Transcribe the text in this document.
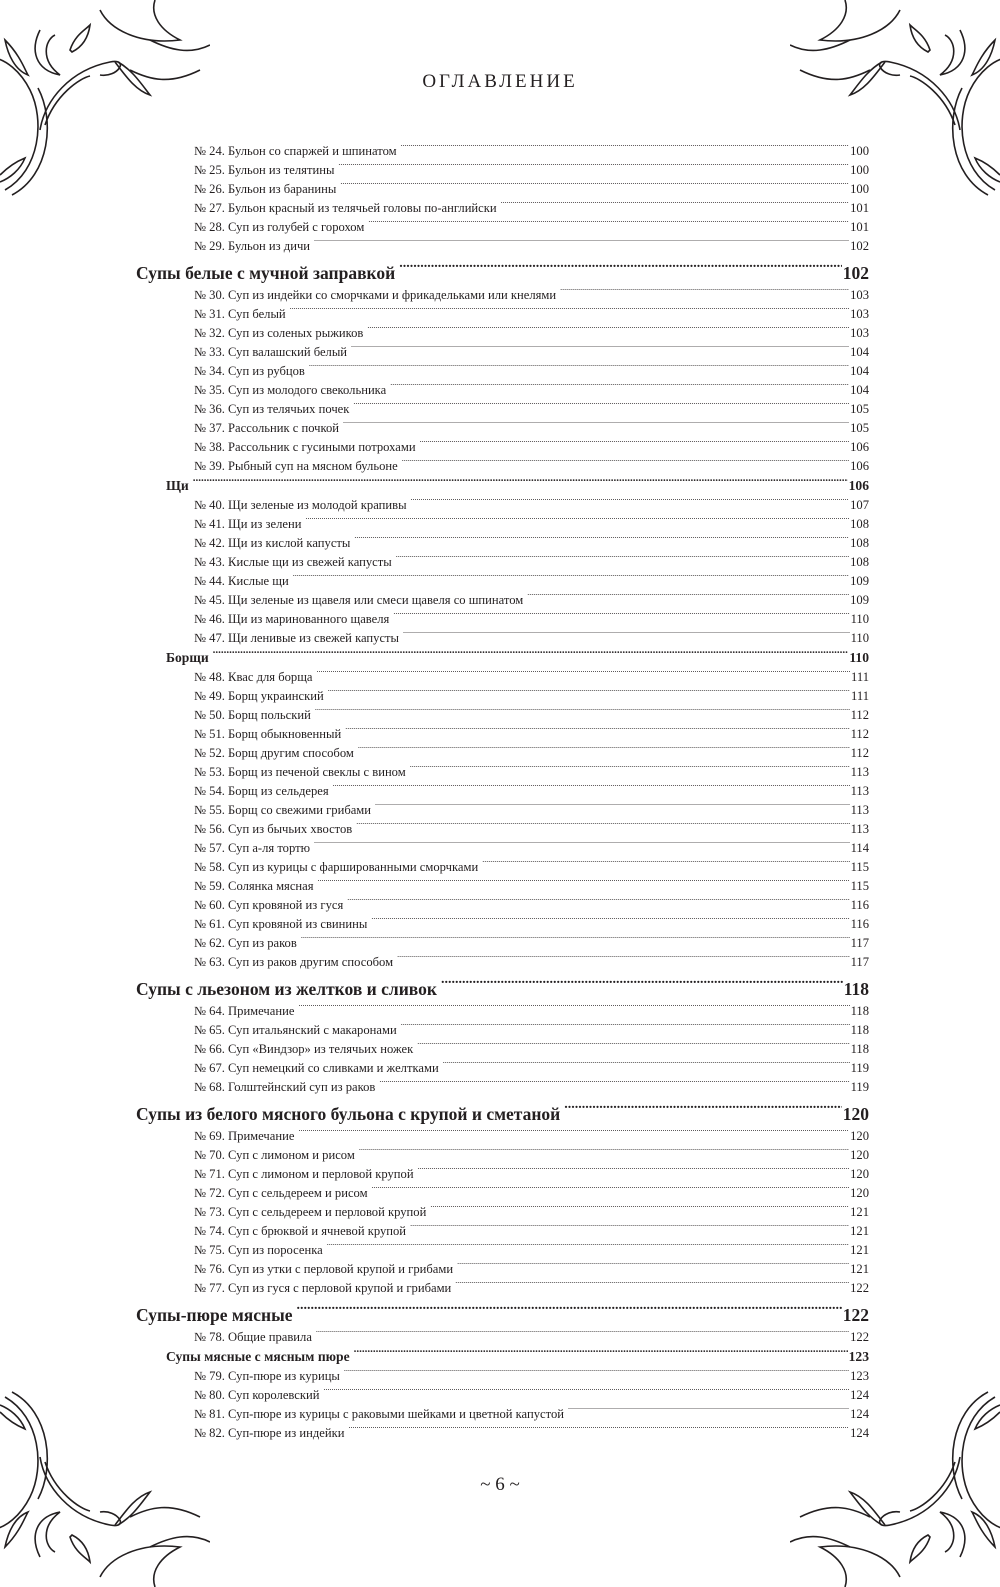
ОГЛАВЛЕНИЕ
№ 24. Бульон со спаржей и шпинатом .....	100
№ 25. Бульон из телятины .....	100
№ 26. Бульон из баранины .....	100
№ 27. Бульон красный из телячьей головы по-английски .....	101
№ 28. Суп из голубей с горохом .....	101
№ 29. Бульон из дичи .....	102
Супы белые с мучной заправкой .....	102
№ 30. Суп из индейки со сморчками и фрикадельками или кнелями .....	103
№ 31. Суп белый .....	103
№ 32. Суп из соленых рыжиков .....	103
№ 33. Суп валашский белый .....	104
№ 34. Суп из рубцов .....	104
№ 35. Суп из молодого свекольника .....	104
№ 36. Суп из телячьих почек .....	105
№ 37. Рассольник с почкой .....	105
№ 38. Рассольник с гусиными потрохами .....	106
№ 39. Рыбный суп на мясном бульоне .....	106
Щи .....	106
№ 40. Щи зеленые из молодой крапивы .....	107
№ 41. Щи из зелени .....	108
№ 42. Щи из кислой капусты .....	108
№ 43. Кислые щи из свежей капусты .....	108
№ 44. Кислые щи .....	109
№ 45. Щи зеленые из щавеля или смеси щавеля со шпинатом .....	109
№ 46. Щи из маринованного щавеля .....	110
№ 47. Щи ленивые из свежей капусты .....	110
Борщи .....	110
№ 48. Квас для борща .....	111
№ 49. Борщ украинский .....	111
№ 50. Борщ польский .....	112
№ 51. Борщ обыкновенный .....	112
№ 52. Борщ другим способом .....	112
№ 53. Борщ из печеной свеклы с вином .....	113
№ 54. Борщ из сельдерея .....	113
№ 55. Борщ со свежими грибами .....	113
№ 56. Суп из бычьих хвостов .....	113
№ 57. Суп а-ля тортю .....	114
№ 58. Суп из курицы с фаршированными сморчками .....	115
№ 59. Солянка мясная .....	115
№ 60. Суп кровяной из гуся .....	116
№ 61. Суп кровяной из свинины .....	116
№ 62. Суп из раков .....	117
№ 63. Суп из раков другим способом .....	117
Супы с льезоном из желтков и сливок .....	118
№ 64. Примечание .....	118
№ 65. Суп итальянский с макаронами .....	118
№ 66. Суп «Виндзор» из телячьих ножек .....	118
№ 67. Суп немецкий со сливками и желтками .....	119
№ 68. Голштейнский суп из раков .....	119
Супы из белого мясного бульона с крупой и сметаной .....	120
№ 69. Примечание .....	120
№ 70. Суп с лимоном и рисом .....	120
№ 71. Суп с лимоном и перловой крупой .....	120
№ 72. Суп с сельдереем и рисом .....	120
№ 73. Суп с сельдереем и перловой крупой .....	121
№ 74. Суп с брюквой и ячневой крупой .....	121
№ 75. Суп из поросенка .....	121
№ 76. Суп из утки с перловой крупой и грибами .....	121
№ 77. Суп из гуся с перловой крупой и грибами .....	122
Супы-пюре мясные .....	122
№ 78. Общие правила .....	122
Супы мясные с мясным пюре .....	123
№ 79. Суп-пюре из курицы .....	123
№ 80. Суп королевский .....	124
№ 81. Суп-пюре из курицы с раковыми шейками и цветной капустой .....	124
№ 82. Суп-пюре из индейки .....	124
~ 6 ~
